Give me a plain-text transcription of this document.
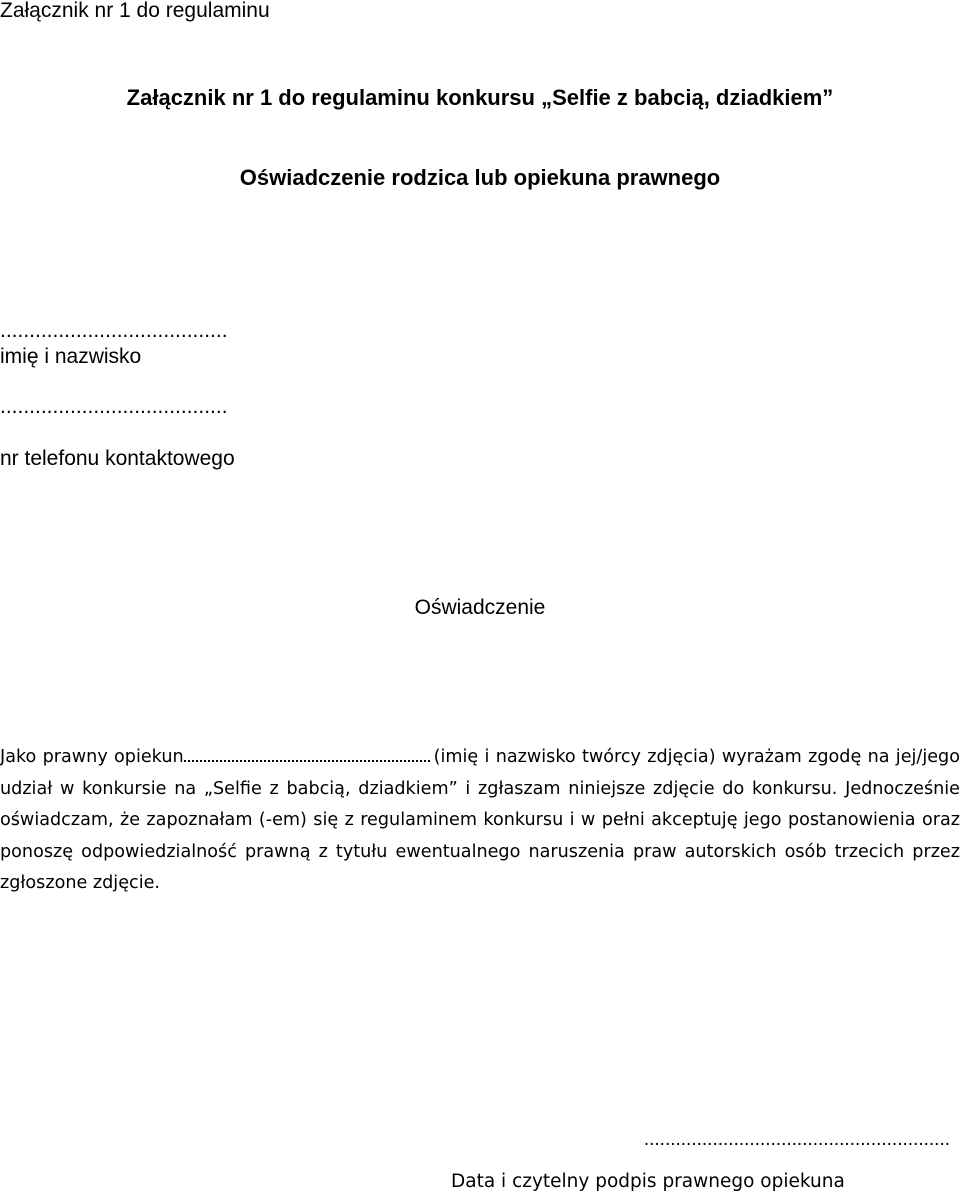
Załącznik nr 1 do regulaminu

Załącznik nr 1 do regulaminu konkursu „Selfie z babcią, dziadkiem”
Oświadczenie rodzica lub opiekuna prawnego
.......................................
imię i nazwisko
.......................................
nr telefonu kontaktowego
Oświadczenie

Jako prawny opiekun	(imię i nazwisko twórcy zdjęcia) wyrażam zgodę na jej/jego udział w konkursie na „Selfie z babcią, dziadkiem” i zgłaszam niniejsze zdjęcie do konkursu. Jednocześnie oświadczam, że zapoznałam (-em) się z regulaminem konkursu i w pełni akceptuję jego postanowienia oraz ponoszę odpowiedzialność prawną z tytułu ewentualnego naruszenia praw autorskich osób trzecich przez zgłoszone zdjęcie.

..........................................................
Data i czytelny podpis prawnego opiekuna
